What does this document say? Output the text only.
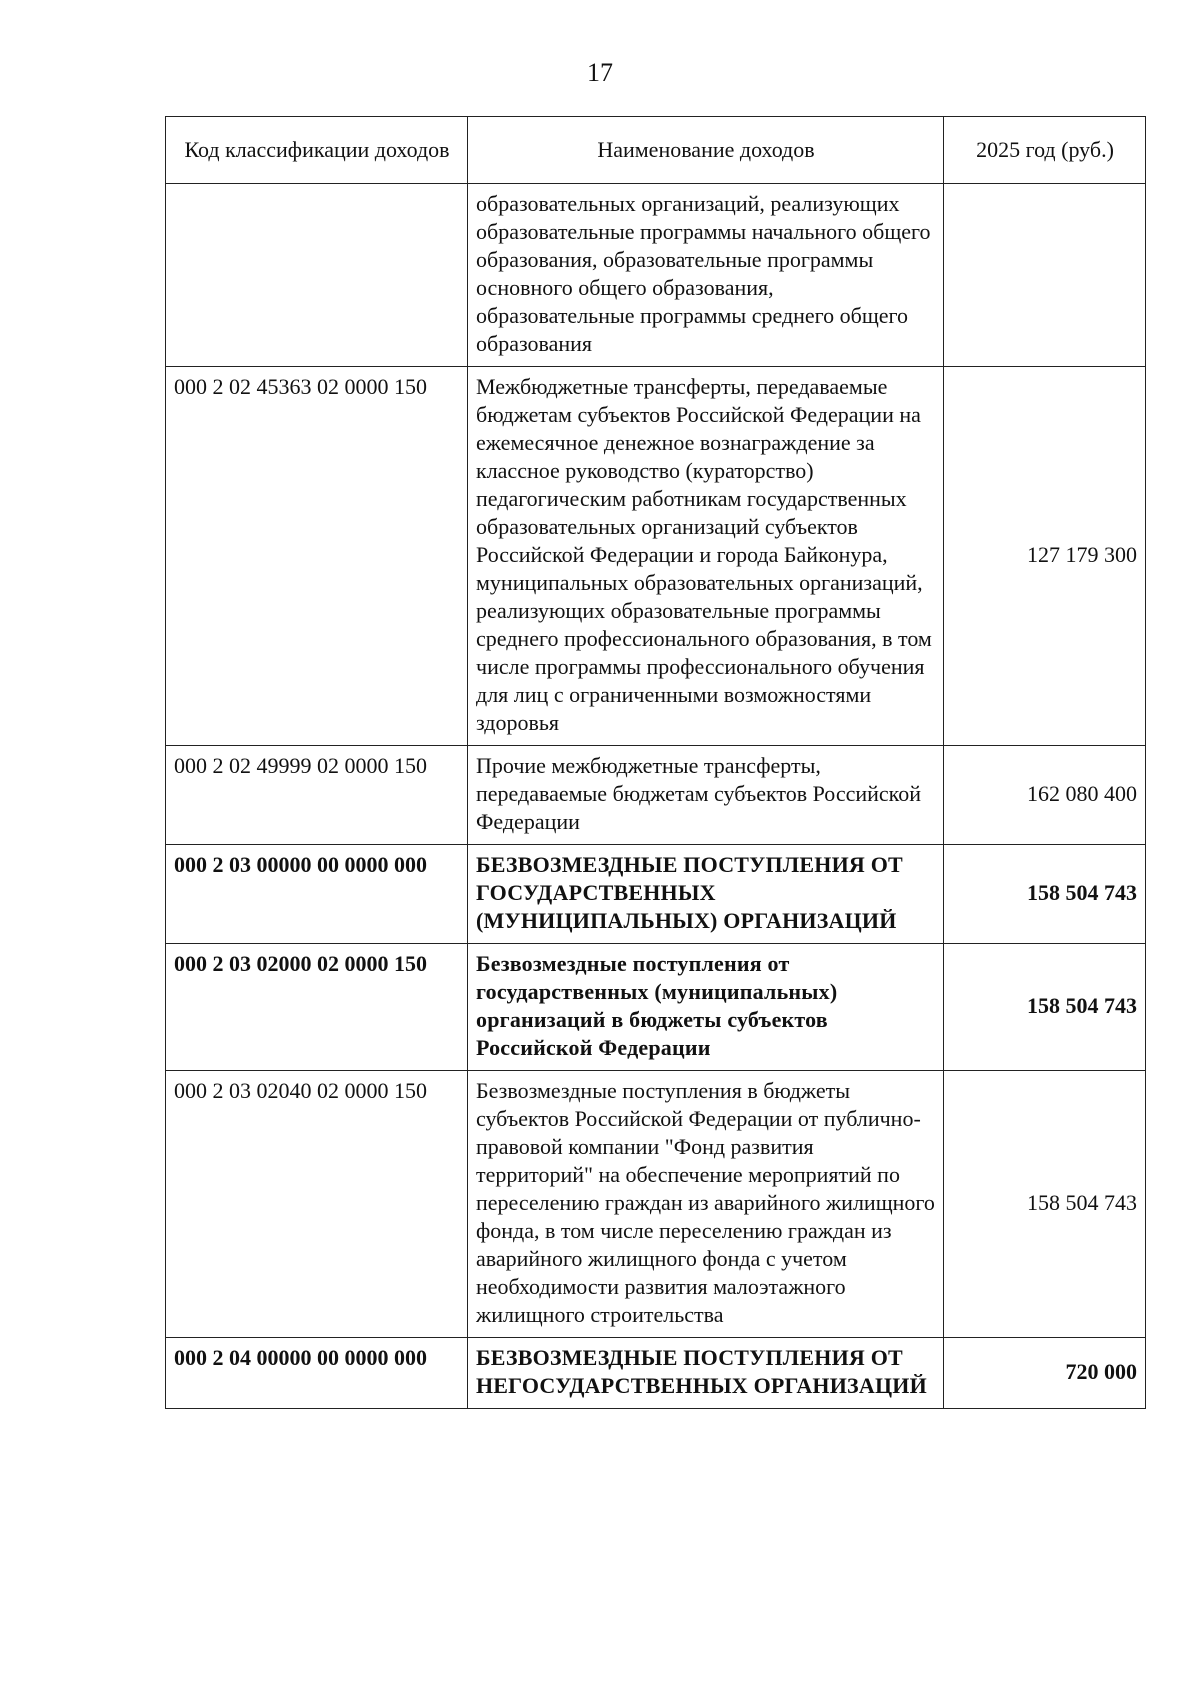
17
Код классификации доходов	Наименование доходов	2025 год (руб.)
	образовательных организаций, реализующих образовательные программы начального общего образования, образовательные программы основного общего образования, образовательные программы среднего общего образования	
000 2 02 45363 02 0000 150	Межбюджетные трансферты, передаваемые бюджетам субъектов Российской Федерации на ежемесячное денежное вознаграждение за классное руководство (кураторство) педагогическим работникам государственных образовательных организаций субъектов Российской Федерации и города Байконура, муниципальных образовательных организаций, реализующих образовательные программы среднего профессионального образования, в том числе программы профессионального обучения для лиц с ограниченными возможностями здоровья	127 179 300
000 2 02 49999 02 0000 150	Прочие межбюджетные трансферты, передаваемые бюджетам субъектов Российской Федерации	162 080 400
000 2 03 00000 00 0000 000	БЕЗВОЗМЕЗДНЫЕ ПОСТУПЛЕНИЯ ОТ ГОСУДАРСТВЕННЫХ (МУНИЦИПАЛЬНЫХ) ОРГАНИЗАЦИЙ	158 504 743
000 2 03 02000 02 0000 150	Безвозмездные поступления от государственных (муниципальных) организаций в бюджеты субъектов Российской Федерации	158 504 743
000 2 03 02040 02 0000 150	Безвозмездные поступления в бюджеты субъектов Российской Федерации от публично-правовой компании "Фонд развития территорий" на обеспечение мероприятий по переселению граждан из аварийного жилищного фонда, в том числе переселению граждан из аварийного жилищного фонда с учетом необходимости развития малоэтажного жилищного строительства	158 504 743
000 2 04 00000 00 0000 000	БЕЗВОЗМЕЗДНЫЕ ПОСТУПЛЕНИЯ ОТ НЕГОСУДАРСТВЕННЫХ ОРГАНИЗАЦИЙ	720 000
